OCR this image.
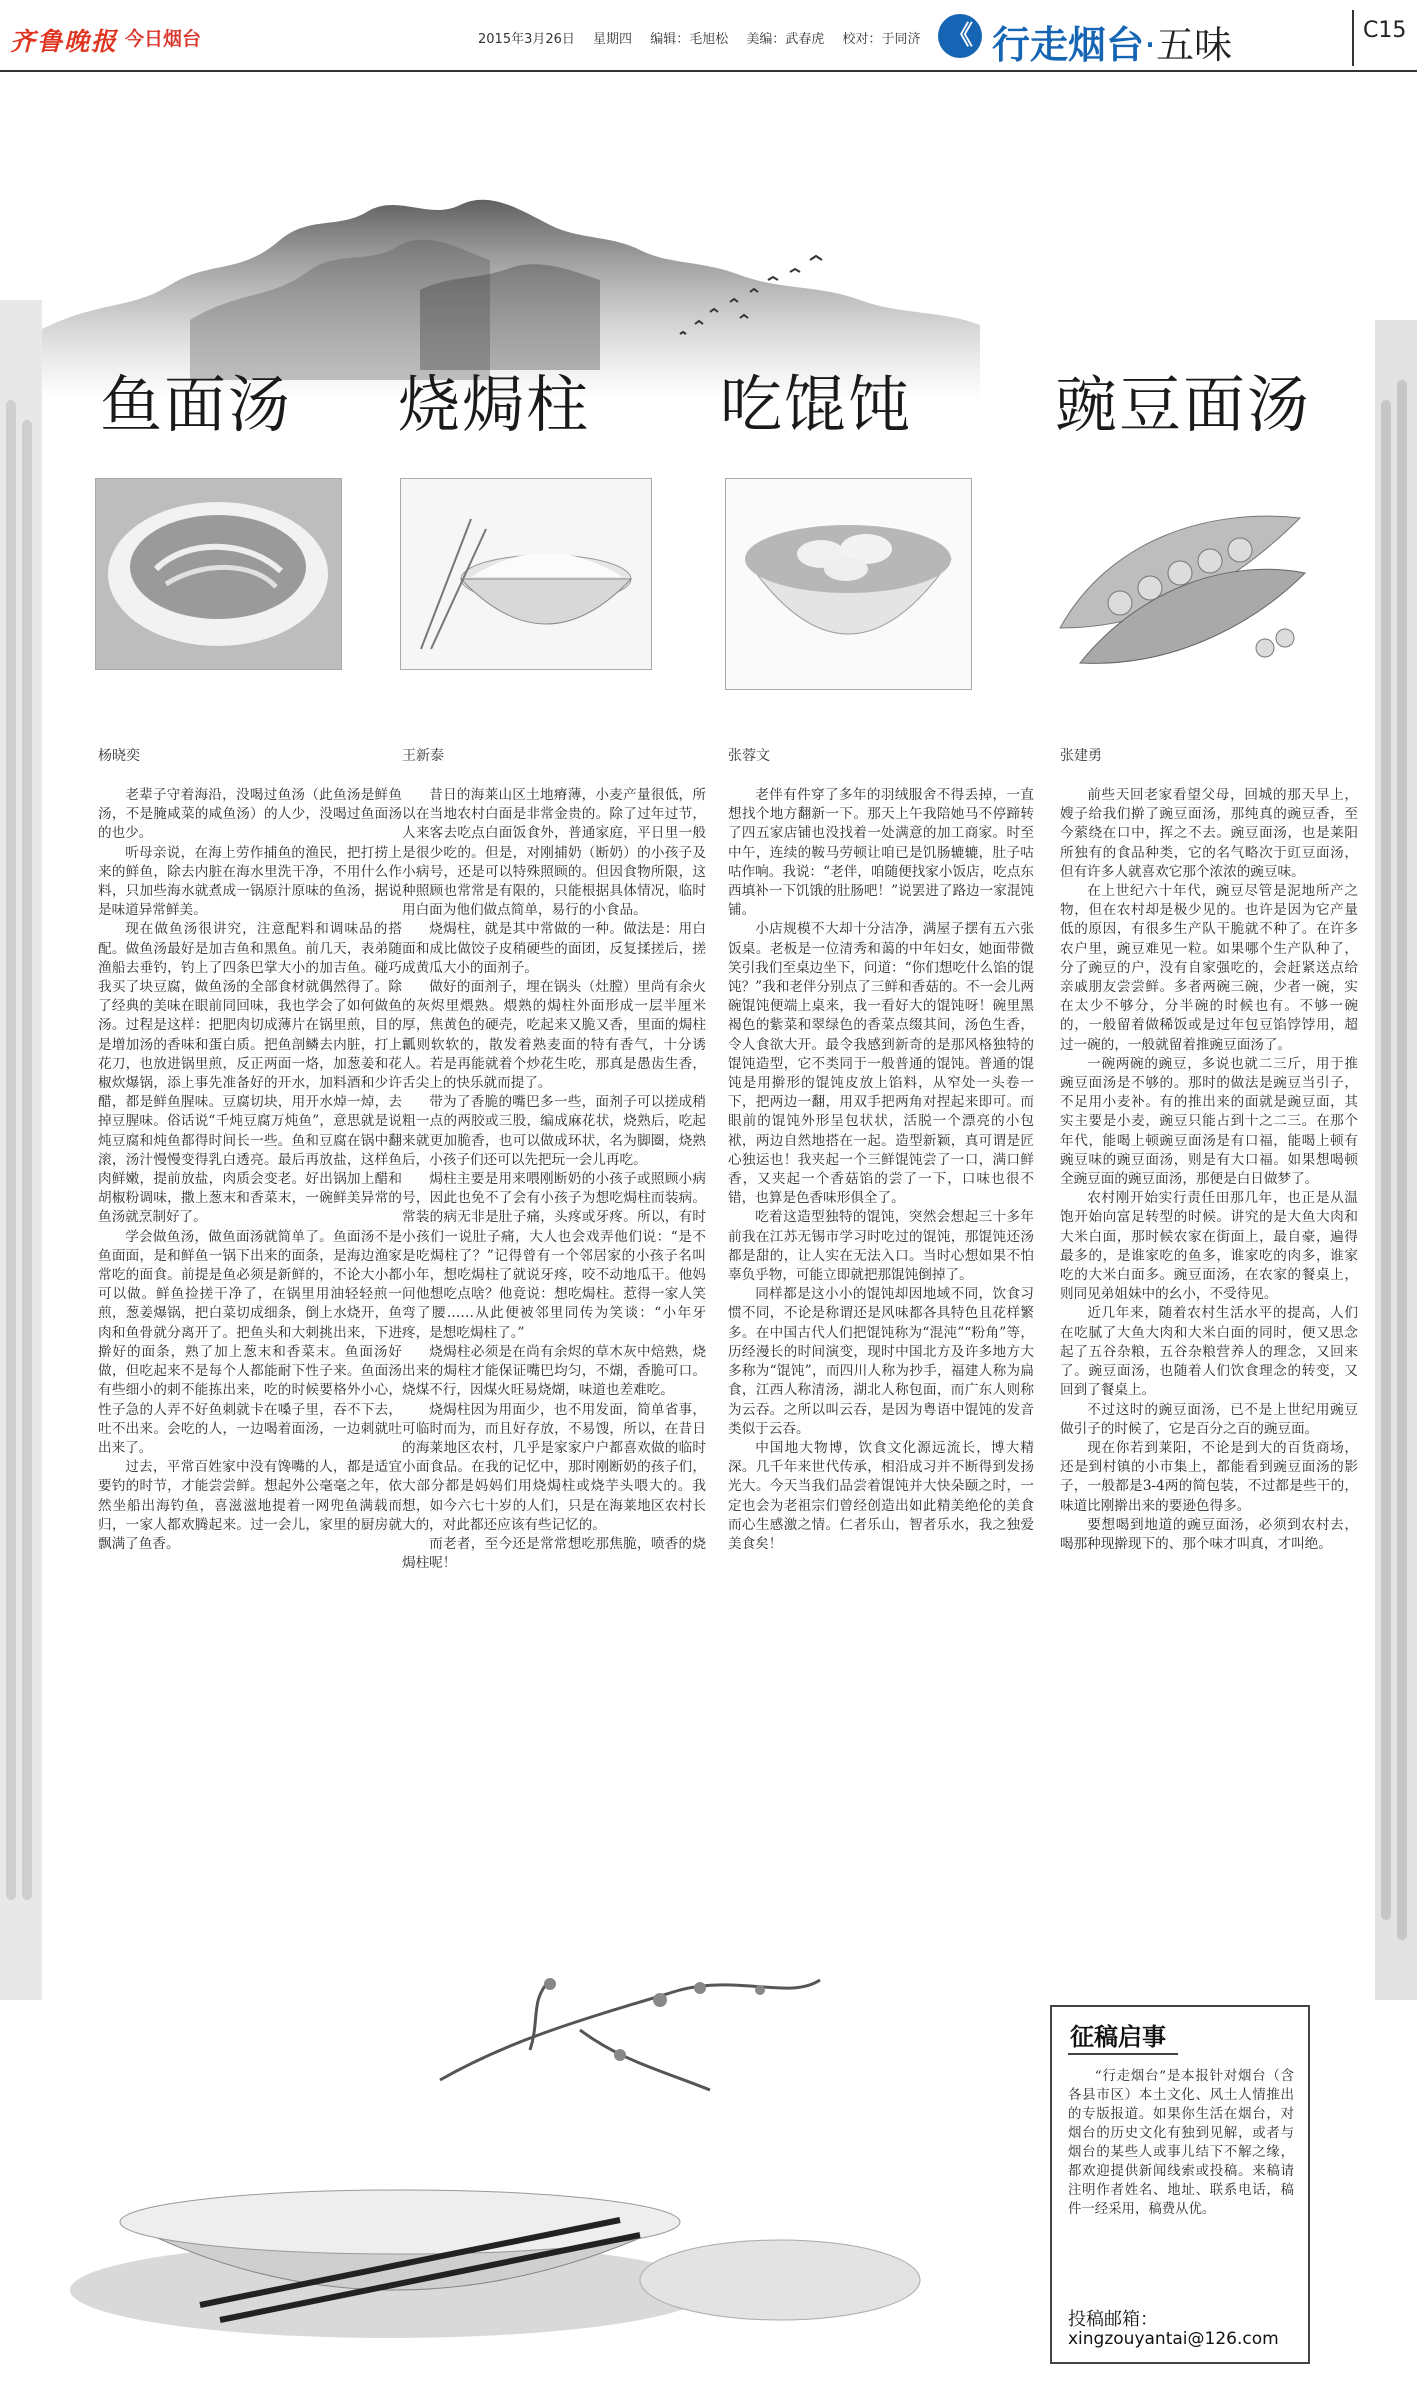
齐鲁晚报 今日烟台	2015年3月26日 星期四 编辑：毛旭松 美编：武春虎 校对：于同济	《 行走烟台·五味	C15
鱼面汤
杨晓奕

老辈子守着海沿，没喝过鱼汤（此鱼汤是鲜鱼汤，不是腌咸菜的咸鱼汤）的人少，没喝过鱼面汤的也少。

听母亲说，在海上劳作捕鱼的渔民，把打捞上来的鲜鱼，除去内脏在海水里洗干净，不用什么作料，只加些海水就煮成一锅原汁原味的鱼汤，据说是味道异常鲜美。

现在做鱼汤很讲究，注意配料和调味品的搭配。做鱼汤最好是加吉鱼和黑鱼。前几天，表弟随渔船去垂钓，钓上了四条巴掌大小的加吉鱼。碰巧我买了块豆腐，做鱼汤的全部食材就偶然得了。除了经典的美味在眼前同回味，我也学会了如何做鱼汤。过程是这样：把肥肉切成薄片在锅里煎，目的是增加汤的香味和蛋白质。把鱼剖鳞去内脏，打上花刀，也放进锅里煎，反正两面一烙，加葱姜和花椒炊爆锅，添上事先准备好的开水，加料酒和少许醋，都是鲜鱼腥味。豆腐切块，用开水焯一焯，去掉豆腥味。俗话说“千炖豆腐万炖鱼”，意思就是说炖豆腐和炖鱼都得时间长一些。鱼和豆腐在锅中翻滚，汤汁慢慢变得乳白透亮。最后再放盐，这样鱼肉鲜嫩，提前放盐，肉质会变老。好出锅加上醋和胡椒粉调味，撒上葱末和香菜末，一碗鲜美异常的鱼汤就烹制好了。

学会做鱼汤，做鱼面汤就简单了。鱼面汤不是鱼面面，是和鲜鱼一锅下出来的面条，是海边渔家常吃的面食。前提是鱼必须是新鲜的，不论大小都可以做。鲜鱼捡搓干净了，在锅里用油轻轻煎一煎，葱姜爆锅，把白菜切成细条，倒上水烧开，鱼肉和鱼骨就分离开了。把鱼头和大刺挑出来，下进擀好的面条，熟了加上葱末和香菜末。鱼面汤好做，但吃起来不是每个人都能耐下性子来。鱼面汤有些细小的刺不能拣出来，吃的时候要格外小心，性子急的人弄不好鱼刺就卡在嗓子里，吞不下去，吐不出来。会吃的人，一边喝着面汤，一边刺就吐出来了。

过去，平常百姓家中没有馋嘴的人，都是适宜要钓的时节，才能尝尝鲜。想起外公毫毫之年，依然坐船出海钓鱼，喜滋滋地提着一网兜鱼满载而归，一家人都欢腾起来。过一会儿，家里的厨房就飘满了鱼香。

烧焗柱
王新泰

昔日的海莱山区土地瘠薄，小麦产量很低，所以在当地农村白面是非常金贵的。除了过年过节，人来客去吃点白面饭食外，普通家庭，平日里一般是很少吃的。但是，对刚捕奶（断奶）的小孩子及小病号，还是可以特殊照顾的。但因食物所限，这种照顾也常常是有限的，只能根据具体情况，临时用白面为他们做点简单，易行的小食品。

烧焗柱，就是其中常做的一种。做法是：用白面和成比做饺子皮稍硬些的面团，反复揉搓后，搓成黄瓜大小的面剂子。

做好的面剂子，埋在锅头（灶膛）里尚有余火的灰烬里煨熟。煨熟的焗柱外面形成一层半厘米厚，焦黄色的硬壳，吃起来又脆又香，里面的焗柱瓤则软软的，散发着熟麦面的特有香气，十分诱人。若是再能就着个炒花生吃，那真是愚齿生香，舌尖上的快乐就而提了。

带为了香脆的嘴巴多一些，面剂子可以搓成稍粗一点的两胶或三股，编成麻花状，烧熟后，吃起来就更加脆香，也可以做成环状，名为脚圈，烧熟后，小孩子们还可以先把玩一会儿再吃。

焗柱主要是用来喂刚断奶的小孩子或照顾小病号，因此也免不了会有小孩子为想吃焗柱而装病。常装的病无非是肚子痛，头疼或牙疼。所以，有时小孩们一说肚子痛，大人也会戏弄他们说：“是不是吃焗柱了？”记得曾有一个邻居家的小孩子名叫小年，想吃焗柱了就说牙疼，咬不动地瓜干。他妈问他想吃点啥？他竟说：想吃焗柱。惹得一家人笑弯了腰……从此便被邻里同传为笑谈：“小年牙疼，是想吃焗柱了。”

烧焗柱必须是在尚有余烬的草木灰中焙熟，烧出来的焗柱才能保证嘴巴均匀，不煳，香脆可口。烧煤不行，因煤火旺易烧煳，味道也差难吃。

烧焗柱因为用面少，也不用发面，简单省事，可临时而为，而且好存放，不易馊，所以，在昔日的海莱地区农村，几乎是家家户户都喜欢做的临时小面食品。在我的记忆中，那时刚断奶的孩子们，大部分都是妈妈们用烧焗柱或烧芋头喂大的。我想，如今六七十岁的人们，只是在海莱地区农村长大的，对此都还应该有些记忆的。

而老者，至今还是常常想吃那焦脆，喷香的烧焗柱呢！

吃馄饨
张蓉文

老伴有件穿了多年的羽绒服舍不得丢掉，一直想找个地方翻新一下。那天上午我陪她马不停蹄转了四五家店铺也没找着一处满意的加工商家。时至中午，连续的鞍马劳顿让咱已是饥肠辘辘，肚子咕咕作响。我说：“老伴，咱随便找家小饭店，吃点东西填补一下饥饿的肚肠吧！”说罢进了路边一家混饨铺。

小店规模不大却十分洁净，满屋子摆有五六张饭桌。老板是一位清秀和蔼的中年妇女，她面带微笑引我们至桌边坐下，问道：“你们想吃什么馅的馄饨？”我和老伴分别点了三鲜和香菇的。不一会儿两碗馄饨便端上桌来，我一看好大的馄饨呀！碗里黑褐色的紫菜和翠绿色的香菜点缀其间，汤色生香，令人食欲大开。最令我感到新奇的是那风格独特的馄饨造型，它不类同于一般普通的馄饨。普通的馄饨是用擀形的馄饨皮放上馅料，从窄处一头卷一下，把两边一翻，用双手把两角对捏起来即可。而眼前的馄饨外形呈包状状，活脱一个漂亮的小包袱，两边自然地搭在一起。造型新颖，真可谓是匠心独运也！我夹起一个三鲜馄饨尝了一口，满口鲜香，又夹起一个香菇馅的尝了一下，口味也很不错，也算是色香味形俱全了。

吃着这造型独特的馄饨，突然会想起三十多年前我在江苏无锡市学习时吃过的馄饨，那馄饨还汤都是甜的，让人实在无法入口。当时心想如果不怕辜负乎物，可能立即就把那馄饨倒掉了。

同样都是这小小的馄饨却因地域不同，饮食习惯不同，不论是称谓还是风味都各具特色且花样繁多。在中国古代人们把馄饨称为“混沌”“粉角”等，历经漫长的时间演变，现时中国北方及许多地方大多称为“馄饨”，而四川人称为抄手，福建人称为扁食，江西人称清汤，湖北人称包面，而广东人则称为云吞。之所以叫云吞，是因为粤语中馄饨的发音类似于云吞。

中国地大物博，饮食文化源远流长，博大精深。几千年来世代传承，相沿成习并不断得到发扬光大。今天当我们品尝着馄饨并大快朵颐之时，一定也会为老祖宗们曾经创造出如此精美绝伦的美食而心生感激之情。仁者乐山，智者乐水，我之独爱美食矣！

豌豆面汤
张建勇

前些天回老家看望父母，回城的那天早上，嫂子给我们擀了豌豆面汤，那纯真的豌豆香，至今萦绕在口中，挥之不去。豌豆面汤，也是莱阳所独有的食品种类，它的名气略次于豇豆面汤，但有许多人就喜欢它那个浓浓的豌豆味。

在上世纪六十年代，豌豆尽管是泥地所产之物，但在农村却是极少见的。也许是因为它产量低的原因，有很多生产队干脆就不种了。在许多农户里，豌豆难见一粒。如果哪个生产队种了，分了豌豆的户，没有自家强吃的，会赶紧送点给亲戚朋友尝尝鲜。多者两碗三碗，少者一碗，实在太少不够分，分半碗的时候也有。不够一碗的，一般留着做稀饭或是过年包豆馅饽饽用，超过一碗的，一般就留着推豌豆面汤了。

一碗两碗的豌豆，多说也就二三斤，用于推豌豆面汤是不够的。那时的做法是豌豆当引子，不足用小麦补。有的推出来的面就是豌豆面，其实主要是小麦，豌豆只能占到十之二三。在那个年代，能喝上顿豌豆面汤是有口福，能喝上顿有豌豆味的豌豆面汤，则是有大口福。如果想喝顿全豌豆面的豌豆面汤，那便是白日做梦了。

农村刚开始实行责任田那几年，也正是从温饱开始向富足转型的时候。讲究的是大鱼大肉和大米白面，那时候农家在街面上，最自豪，遍得最多的，是谁家吃的鱼多，谁家吃的肉多，谁家吃的大米白面多。豌豆面汤，在农家的餐桌上，则同见弟姐妹中的幺小，不受待见。

近几年来，随着农村生活水平的提高，人们在吃腻了大鱼大肉和大米白面的同时，便又思念起了五谷杂粮，五谷杂粮营养人的理念，又回来了。豌豆面汤，也随着人们饮食理念的转变，又回到了餐桌上。

不过这时的豌豆面汤，已不是上世纪用豌豆做引子的时候了，它是百分之百的豌豆面。

现在你若到莱阳，不论是到大的百货商场，还是到村镇的小市集上，都能看到豌豆面汤的影子，一般都是3-4两的简包装，不过都是些干的，味道比刚擀出来的要逊色得多。

要想喝到地道的豌豆面汤，必须到农村去，喝那种现擀现下的、那个味才叫真，才叫绝。

征稿启事

“行走烟台”是本报针对烟台（含各县市区）本土文化、风土人情推出的专版报道。如果你生活在烟台，对烟台的历史文化有独到见解，或者与烟台的某些人或事儿结下不解之缘，都欢迎提供新闻线索或投稿。来稿请注明作者姓名、地址、联系电话，稿件一经采用，稿费从优。

投稿邮箱：
xingzouyantai@126.com
